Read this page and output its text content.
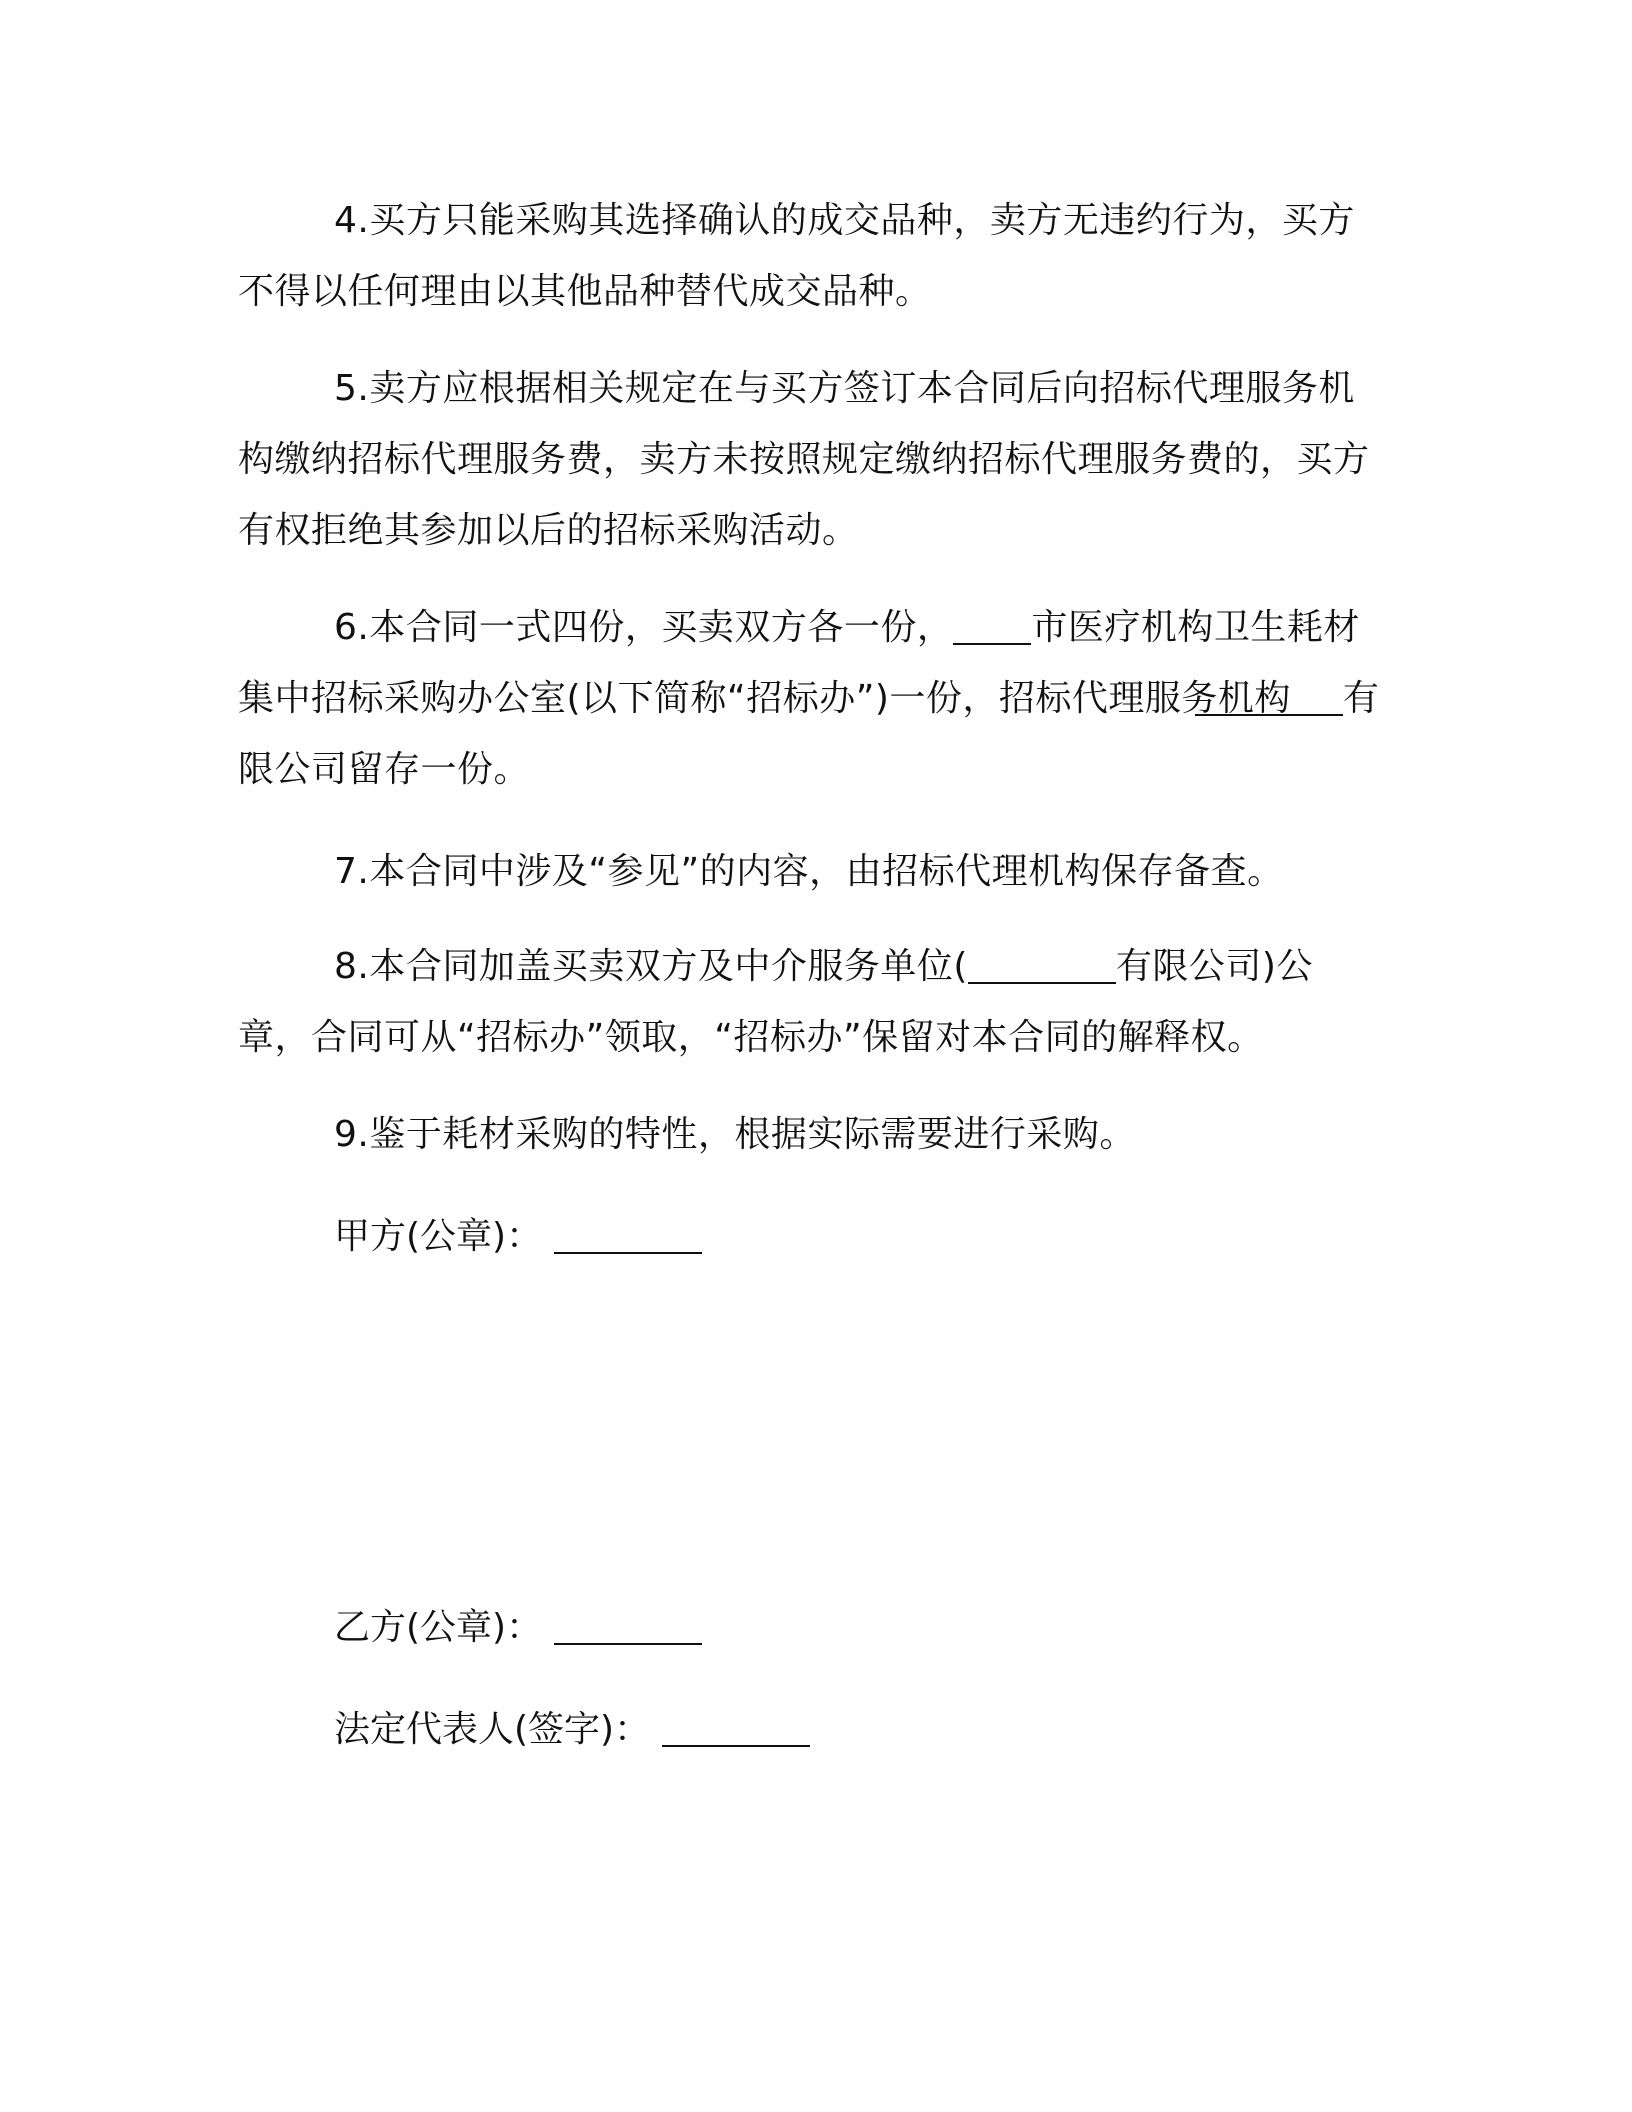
4.买方只能采购其选择确认的成交品种，卖方无违约行为，买方不得以任何理由以其他品种替代成交品种。

5.卖方应根据相关规定在与买方签订本合同后向招标代理服务机构缴纳招标代理服务费，卖方未按照规定缴纳招标代理服务费的，买方有权拒绝其参加以后的招标采购活动。

6.本合同一式四份，买卖双方各一份， 市医疗机构卫生耗材集中招标采购办公室(以下简称“招标办”)一份，招标代理服务机构 有限公司留存一份。

7.本合同中涉及“参见”的内容，由招标代理机构保存备查。

8.本合同加盖买卖双方及中介服务单位(	有限公司)公章，合同可从“招标办”领取，“招标办”保留对本合同的解释权。

9.鉴于耗材采购的特性，根据实际需要进行采购。

甲方(公章)：

乙方(公章)：

法定代表人(签字)：
